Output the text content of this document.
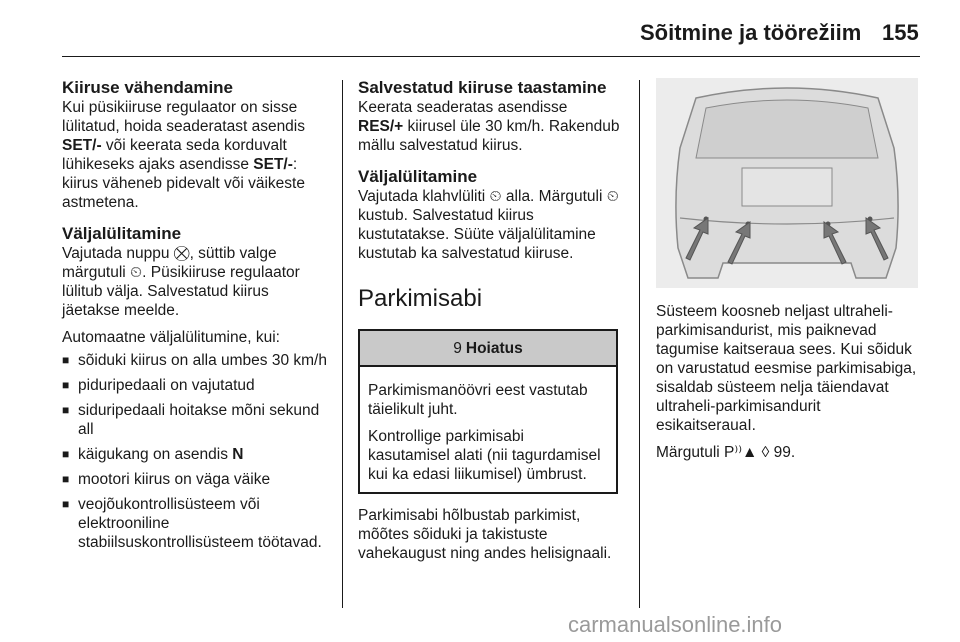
Sõitmine ja töörežiim 155
Kiiruse vähendamine

Kui püsikiiruse regulaator on sisse lülitatud, hoida seaderatast asendis
SET/- või keerata seda korduvalt lühikeseks ajaks asendisse SET/-: kiirus väheneb pidevalt või väikeste astmetena.

Väljalülitamine

Vajutada nuppu ⛒, süttib valge märgutuli ⏲. Püsikiiruse regulaator lülitub välja. Salvestatud kiirus jäetakse meelde.

Automaatne väljalülitumine, kui:

■ sõiduki kiirus on alla umbes 30 km/h
■ piduripedaali on vajutatud
■ siduripedaali hoitakse mõni sekund all
■ käigukang on asendis N
■ mootori kiirus on väga väike
■ veojõukontrollisüsteem või elektrooniline stabiilsuskontrollisüsteem töötavad.
Salvestatud kiiruse taastamine

Keerata seaderatas asendisse
RES/+ kiirusel üle 30 km/h. Rakendub mällu salvestatud kiirus.

Väljalülitamine

Vajutada klahvlüliti ⏲ alla. Märgutuli ⏲ kustub. Salvestatud kiirus kustutatakse. Süüte väljalülitamine kustutab ka salvestatud kiiruse.

Parkimisabi
9 Hoiatus

Parkimismanöövri eest vastutab täielikult juht.

Kontrollige parkimisabi kasutamisel alati (nii tagurdamisel kui ka edasi liikumisel) ümbrust.

Parkimisabi hõlbustab parkimist, mõõtes sõiduki ja takistuste vahekaugust ning andes helisignaali.

Süsteem koosneb neljast ultraheli-parkimisandurist, mis paiknevad tagumise kaitseraua sees. Kui sõiduk on varustatud eesmise parkimisabiga, sisaldab süsteem nelja täiendavat ultraheli-parkimisandurit esikaitserauaI.

Märgutuli P⁾⁾▲ ◊ 99.

carmanualsonline.info
